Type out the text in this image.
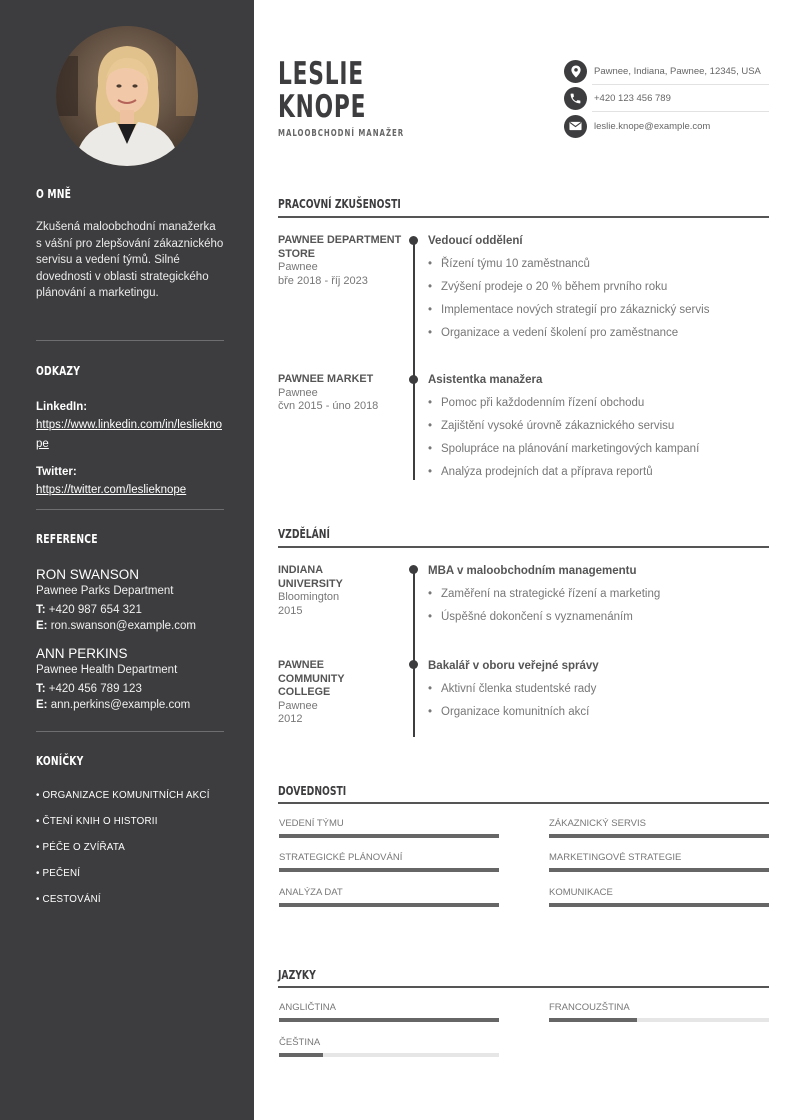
O MNĚ

Zkušená maloobchodní manažerka s vášní pro zlepšování zákaznického servisu a vedení týmů. Silné dovednosti v oblasti strategického plánování a marketingu.

ODKAZY
LinkedIn:
https://www.linkedin.com/in/leslieknope
Twitter:
https://twitter.com/leslieknope
REFERENCE
RON SWANSON
Pawnee Parks Department
T: +420 987 654 321
E: ron.swanson@example.com
ANN PERKINS
Pawnee Health Department
T: +420 456 789 123
E: ann.perkins@example.com
KONÍČKY
• ORGANIZACE KOMUNITNÍCH AKCÍ
• ČTENÍ KNIH O HISTORII
• PÉČE O ZVÍŘATA
• PEČENÍ
• CESTOVÁNÍ
LESLIE
KNOPE
MALOOBCHODNÍ MANAŽER
Pawnee, Indiana, Pawnee, 12345, USA
+420 123 456 789
leslie.knope@example.com
PRACOVNÍ ZKUŠENOSTI
PAWNEE DEPARTMENT STORE
Pawnee
bře 2018 - říj 2023
Vedoucí oddělení
• Řízení týmu 10 zaměstnanců
• Zvýšení prodeje o 20 % během prvního roku
• Implementace nových strategií pro zákaznický servis
• Organizace a vedení školení pro zaměstnance
PAWNEE MARKET
Pawnee
čvn 2015 - úno 2018
Asistentka manažera
• Pomoc při každodenním řízení obchodu
• Zajištění vysoké úrovně zákaznického servisu
• Spolupráce na plánování marketingových kampaní
• Analýza prodejních dat a příprava reportů
VZDĚLÁNÍ
INDIANA UNIVERSITY
Bloomington
2015
MBA v maloobchodním managementu
• Zaměření na strategické řízení a marketing
• Úspěšné dokončení s vyznamenáním
PAWNEE COMMUNITY COLLEGE
Pawnee
2012
Bakalář v oboru veřejné správy
• Aktivní členka studentské rady
• Organizace komunitních akcí
DOVEDNOSTI
VEDENÍ TÝMU	ZÁKAZNICKÝ SERVIS
STRATEGICKÉ PLÁNOVÁNÍ	MARKETINGOVÉ STRATEGIE
ANALÝZA DAT	KOMUNIKACE
JAZYKY
ANGLIČTINA	FRANCOUZŠTINA
ČEŠTINA
